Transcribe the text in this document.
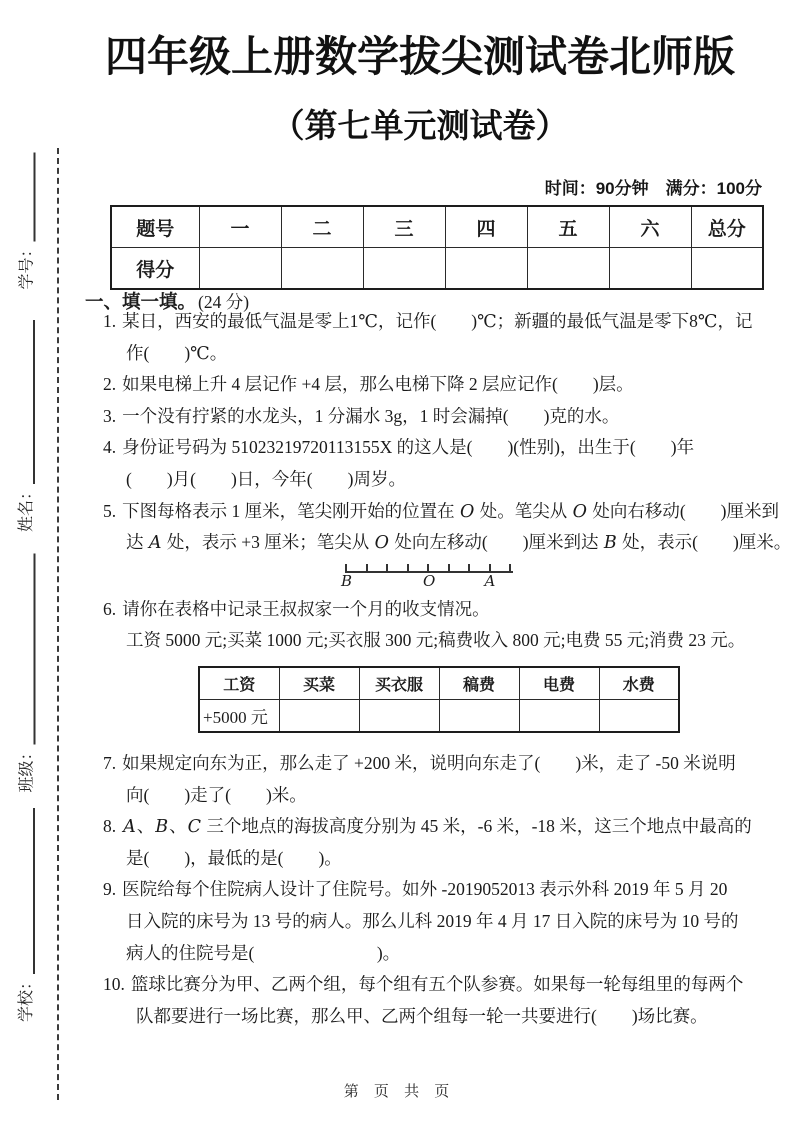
学号：
姓名：
班级：
学校：
四年级上册数学拔尖测试卷北师版
（第七单元测试卷）
时间：90分钟　满分：100分
题号	一	二	三	四	五	六	总分
得分							
一、填一填。 (24 分)
1. 某日，西安的最低气温是零上1℃，记作(　　)℃；新疆的最低气温是零下8℃，记
作(　　)℃。
2. 如果电梯上升 4 层记作 +4 层，那么电梯下降 2 层应记作(　　)层。
3. 一个没有拧紧的水龙头，1 分漏水 3g，1 时会漏掉(　　)克的水。
4. 身份证号码为 51023219720113155X 的这人是(　　)(性别)，出生于(　　)年
(　　)月(　　)日，今年(　　)周岁。
5. 下图每格表示 1 厘米，笔尖刚开始的位置在 O 处。笔尖从 O 处向右移动(　　)厘米到
达 A 处，表示 +3 厘米；笔尖从 O 处向左移动(　　)厘米到达 B 处，表示(　　)厘米。
B	O	A
6. 请你在表格中记录王叔叔家一个月的收支情况。
工资 5000 元;买菜 1000 元;买衣服 300 元;稿费收入 800 元;电费 55 元;消费 23 元。
工资	买菜	买衣服	稿费	电费	水费
+5000 元					
7. 如果规定向东为正，那么走了 +200 米，说明向东走了(　　)米，走了 -50 米说明
向(　　)走了(　　)米。
8. A、B、C 三个地点的海拔高度分别为 45 米，-6 米，-18 米，这三个地点中最高的
是(　　)，最低的是(　　)。
9. 医院给每个住院病人设计了住院号。如外 -2019052013 表示外科 2019 年 5 月 20
日入院的床号为 13 号的病人。那么儿科 2019 年 4 月 17 日入院的床号为 10 号的
病人的住院号是(　　　　　　　)。
10. 篮球比赛分为甲、乙两个组，每个组有五个队参赛。如果每一轮每组里的每两个
队都要进行一场比赛，那么甲、乙两个组每一轮一共要进行(　　)场比赛。
第 页 共 页
